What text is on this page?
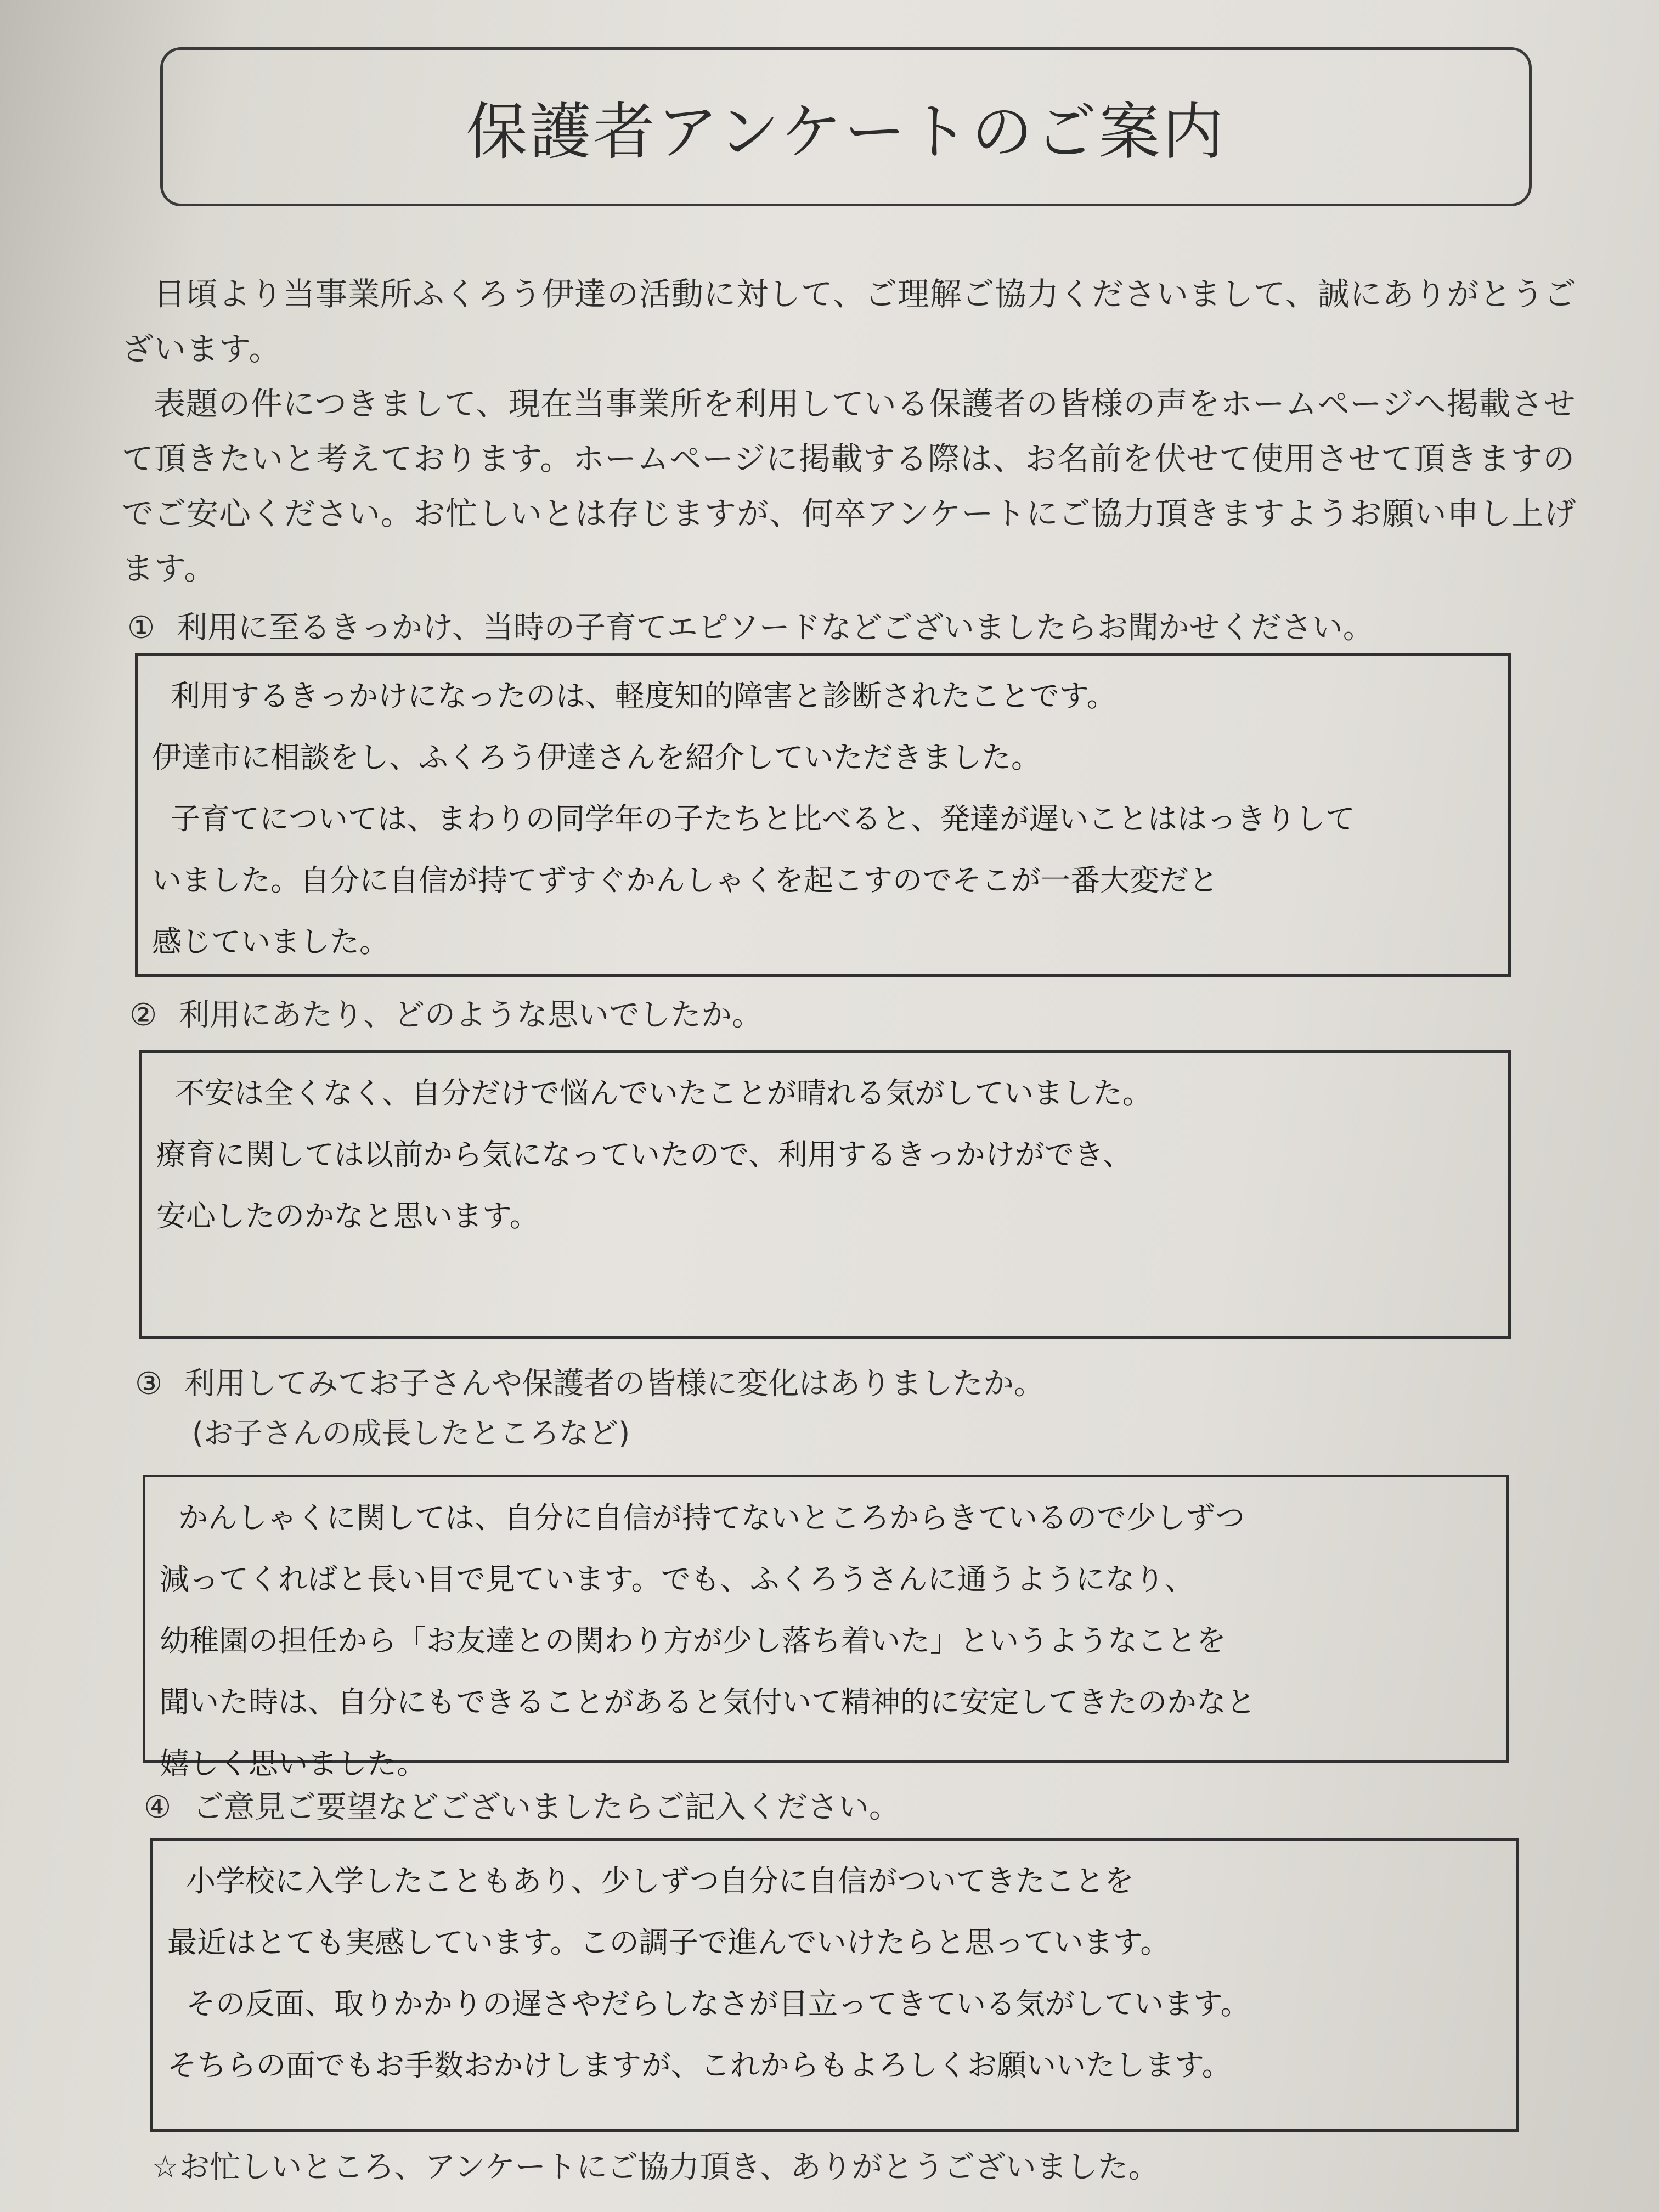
保護者アンケートのご案内

日頃より当事業所ふくろう伊達の活動に対して、ご理解ご協力くださいまして、誠にありがとうございます。

表題の件につきまして、現在当事業所を利用している保護者の皆様の声をホームページへ掲載させて頂きたいと考えております。ホームページに掲載する際は、お名前を伏せて使用させて頂きますのでご安心ください。お忙しいとは存じますが、何卒アンケートにご協力頂きますようお願い申し上げます。

① 利用に至るきっかけ、当時の子育てエピソードなどございましたらお聞かせください。
利用するきっかけになったのは、軽度知的障害と診断されたことです。
伊達市に相談をし、ふくろう伊達さんを紹介していただきました。
子育てについては、まわりの同学年の子たちと比べると、発達が遅いことははっきりして
いました。自分に自信が持てずすぐかんしゃくを起こすのでそこが一番大変だと
感じていました。
② 利用にあたり、どのような思いでしたか。
不安は全くなく、自分だけで悩んでいたことが晴れる気がしていました。
療育に関しては以前から気になっていたので、利用するきっかけができ、
安心したのかなと思います。
③ 利用してみてお子さんや保護者の皆様に変化はありましたか。
(お子さんの成長したところなど)
かんしゃくに関しては、自分に自信が持てないところからきているので少しずつ
減ってくればと長い目で見ています。でも、ふくろうさんに通うようになり、
幼稚園の担任から「お友達との関わり方が少し落ち着いた」というようなことを
聞いた時は、自分にもできることがあると気付いて精神的に安定してきたのかなと
嬉しく思いました。
④ ご意見ご要望などございましたらご記入ください。
小学校に入学したこともあり、少しずつ自分に自信がついてきたことを
最近はとても実感しています。この調子で進んでいけたらと思っています。
その反面、取りかかりの遅さやだらしなさが目立ってきている気がしています。
そちらの面でもお手数おかけしますが、これからもよろしくお願いいたします。
☆お忙しいところ、アンケートにご協力頂き、ありがとうございました。
